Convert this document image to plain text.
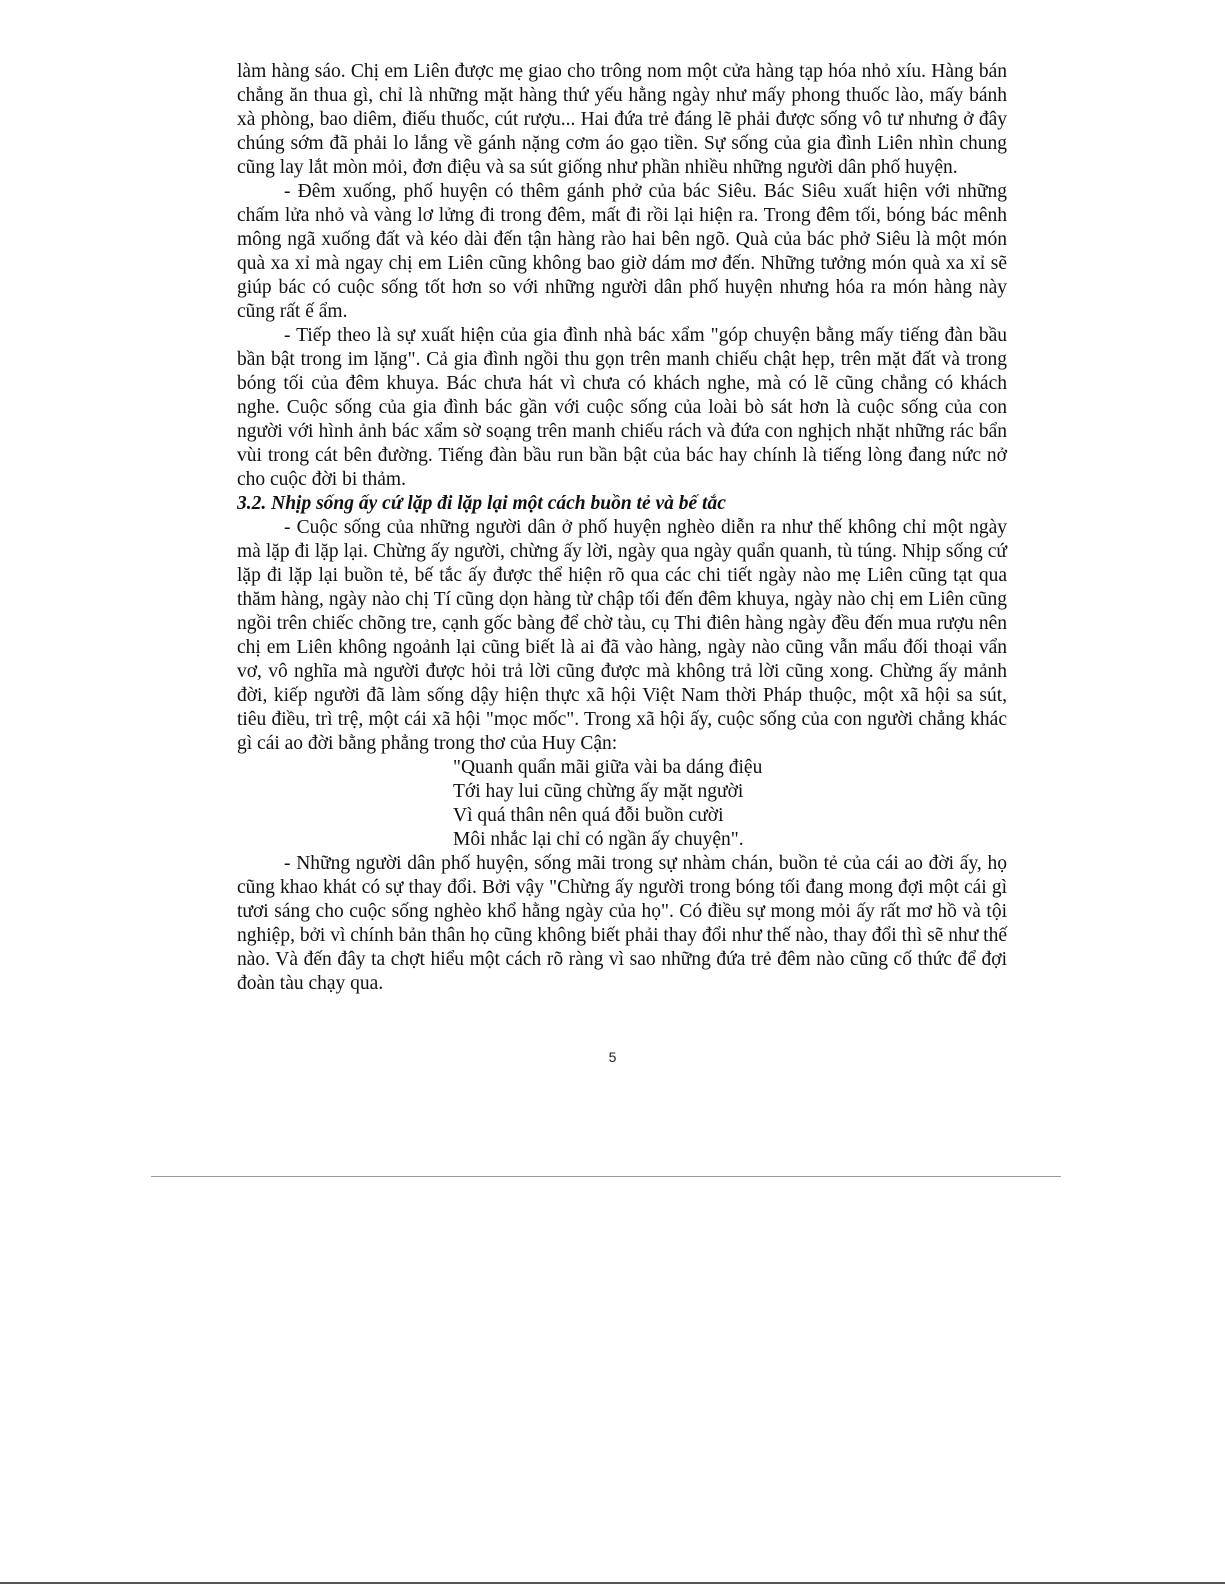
làm hàng sáo. Chị em Liên được mẹ giao cho trông nom một cửa hàng tạp hóa nhỏ xíu. Hàng bán chẳng ăn thua gì, chỉ là những mặt hàng thứ yếu hằng ngày như mấy phong thuốc lào, mấy bánh xà phòng, bao diêm, điếu thuốc, cút rượu... Hai đứa trẻ đáng lẽ phải được sống vô tư nhưng ở đây chúng sớm đã phải lo lắng về gánh nặng cơm áo gạo tiền. Sự sống của gia đình Liên nhìn chung cũng lay lắt mòn mỏi, đơn điệu và sa sút giống như phần nhiều những người dân phố huyện.

- Đêm xuống, phố huyện có thêm gánh phở của bác Siêu. Bác Siêu xuất hiện với những chấm lửa nhỏ và vàng lơ lửng đi trong đêm, mất đi rồi lại hiện ra. Trong đêm tối, bóng bác mênh mông ngã xuống đất và kéo dài đến tận hàng rào hai bên ngõ. Quà của bác phở Siêu là một món quà xa xỉ mà ngay chị em Liên cũng không bao giờ dám mơ đến. Những tưởng món quà xa xỉ sẽ giúp bác có cuộc sống tốt hơn so với những người dân phố huyện nhưng hóa ra món hàng này cũng rất ế ẩm.

- Tiếp theo là sự xuất hiện của gia đình nhà bác xẩm "góp chuyện bằng mấy tiếng đàn bầu bần bật trong im lặng". Cả gia đình ngồi thu gọn trên manh chiếu chật hẹp, trên mặt đất và trong bóng tối của đêm khuya. Bác chưa hát vì chưa có khách nghe, mà có lẽ cũng chẳng có khách nghe. Cuộc sống của gia đình bác gần với cuộc sống của loài bò sát hơn là cuộc sống của con người với hình ảnh bác xẩm sờ soạng trên manh chiếu rách và đứa con nghịch nhặt những rác bẩn vùi trong cát bên đường. Tiếng đàn bầu run bần bật của bác hay chính là tiếng lòng đang nức nở cho cuộc đời bi thảm.

3.2. Nhịp sống ấy cứ lặp đi lặp lại một cách buồn tẻ và bế tắc

- Cuộc sống của những người dân ở phố huyện nghèo diễn ra như thế không chỉ một ngày mà lặp đi lặp lại. Chừng ấy người, chừng ấy lời, ngày qua ngày quẩn quanh, tù túng. Nhịp sống cứ lặp đi lặp lại buồn tẻ, bế tắc ấy được thể hiện rõ qua các chi tiết ngày nào mẹ Liên cũng tạt qua thăm hàng, ngày nào chị Tí cũng dọn hàng từ chập tối đến đêm khuya, ngày nào chị em Liên cũng ngồi trên chiếc chõng tre, cạnh gốc bàng để chờ tàu, cụ Thi điên hàng ngày đều đến mua rượu nên chị em Liên không ngoảnh lại cũng biết là ai đã vào hàng, ngày nào cũng vẫn mẩu đối thoại vẩn vơ, vô nghĩa mà người được hỏi trả lời cũng được mà không trả lời cũng xong. Chừng ấy mảnh đời, kiếp người đã làm sống dậy hiện thực xã hội Việt Nam thời Pháp thuộc, một xã hội sa sút, tiêu điều, trì trệ, một cái xã hội "mọc mốc". Trong xã hội ấy, cuộc sống của con người chẳng khác gì cái ao đời bằng phẳng trong thơ của Huy Cận:

"Quanh quẩn mãi giữa vài ba dáng điệu

Tới hay lui cũng chừng ấy mặt người

Vì quá thân nên quá đỗi buồn cười

Môi nhắc lại chỉ có ngần ấy chuyện".

- Những người dân phố huyện, sống mãi trong sự nhàm chán, buồn tẻ của cái ao đời ấy, họ cũng khao khát có sự thay đổi. Bởi vậy "Chừng ấy người trong bóng tối đang mong đợi một cái gì tươi sáng cho cuộc sống nghèo khổ hằng ngày của họ". Có điều sự mong mỏi ấy rất mơ hồ và tội nghiệp, bởi vì chính bản thân họ cũng không biết phải thay đổi như thế nào, thay đổi thì sẽ như thế nào. Và đến đây ta chợt hiểu một cách rõ ràng vì sao những đứa trẻ đêm nào cũng cố thức để đợi đoàn tàu chạy qua.

5
